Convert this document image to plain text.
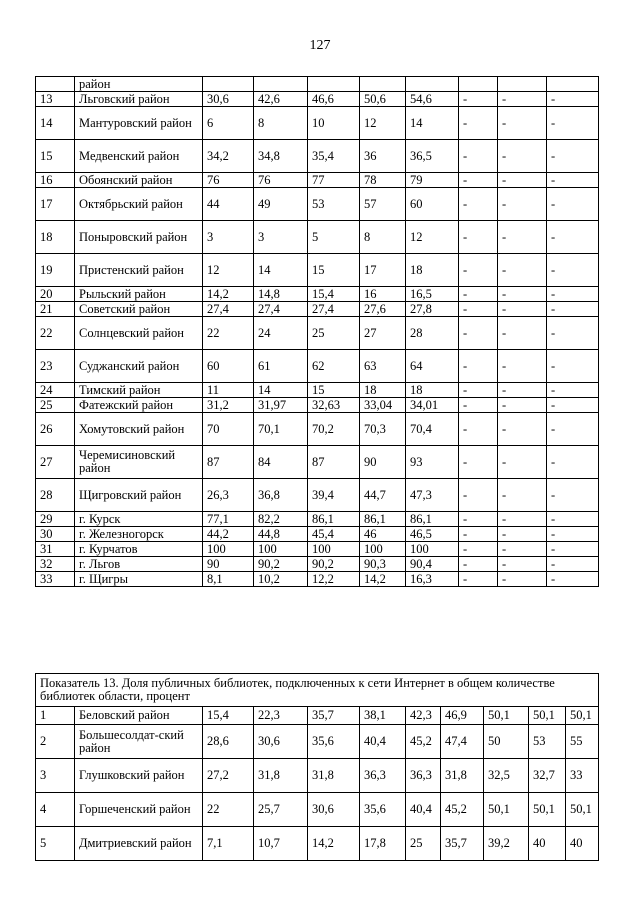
127
	район								
13	Льговский район	30,6	42,6	46,6	50,6	54,6	-	-	-
14	Мантуровский район	6	8	10	12	14	-	-	-
15	Медвенский район	34,2	34,8	35,4	36	36,5	-	-	-
16	Обоянский район	76	76	77	78	79	-	-	-
17	Октябрьский район	44	49	53	57	60	-	-	-
18	Поныровский район	3	3	5	8	12	-	-	-
19	Пристенский район	12	14	15	17	18	-	-	-
20	Рыльский район	14,2	14,8	15,4	16	16,5	-	-	-
21	Советский район	27,4	27,4	27,4	27,6	27,8	-	-	-
22	Солнцевский район	22	24	25	27	28	-	-	-
23	Суджанский район	60	61	62	63	64	-	-	-
24	Тимский район	11	14	15	18	18	-	-	-
25	Фатежский район	31,2	31,97	32,63	33,04	34,01	-	-	-
26	Хомутовский район	70	70,1	70,2	70,3	70,4	-	-	-
27	Черемисиновский район	87	84	87	90	93	-	-	-
28	Щигровский район	26,3	36,8	39,4	44,7	47,3	-	-	-
29	г. Курск	77,1	82,2	86,1	86,1	86,1	-	-	-
30	г. Железногорск	44,2	44,8	45,4	46	46,5	-	-	-
31	г. Курчатов	100	100	100	100	100	-	-	-
32	г. Льгов	90	90,2	90,2	90,3	90,4	-	-	-
33	г. Щигры	8,1	10,2	12,2	14,2	16,3	-	-	-
Показатель 13. Доля публичных библиотек, подключенных к сети Интернет в общем количестве библиотек области, процент										
1	Беловский район	15,4	22,3	35,7	38,1	42,3	46,9	50,1	50,1	50,1
2	Большесолдат-ский район	28,6	30,6	35,6	40,4	45,2	47,4	50	53	55
3	Глушковский район	27,2	31,8	31,8	36,3	36,3	31,8	32,5	32,7	33
4	Горшеченский район	22	25,7	30,6	35,6	40,4	45,2	50,1	50,1	50,1
5	Дмитриевский район	7,1	10,7	14,2	17,8	25	35,7	39,2	40	40
